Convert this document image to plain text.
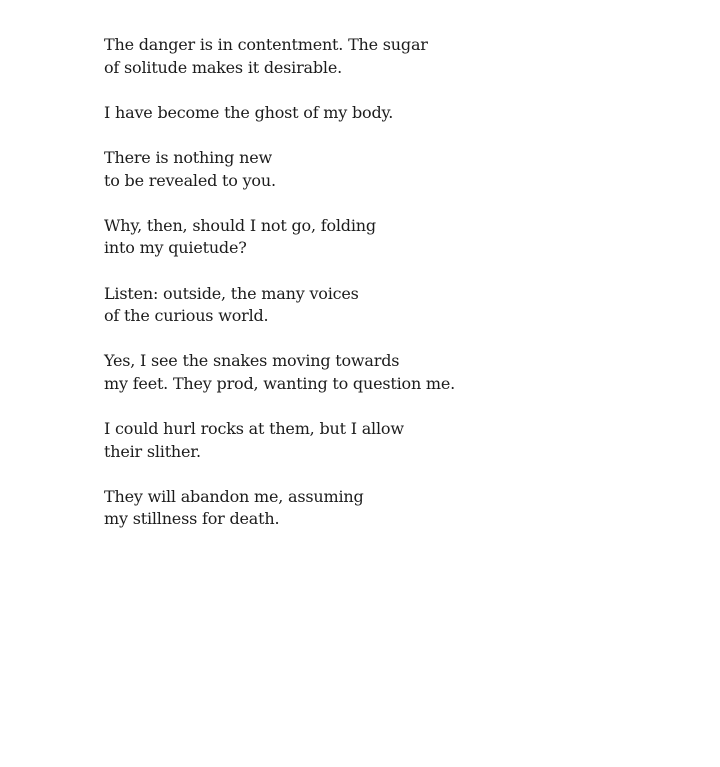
The danger is in contentment. The sugar
of solitude makes it desirable.
I have become the ghost of my body.
There is nothing new
to be revealed to you.
Why, then, should I not go, folding
into my quietude?
Listen: outside, the many voices
of the curious world.
Yes, I see the snakes moving towards
my feet. They prod, wanting to question me.
I could hurl rocks at them, but I allow
their slither.
They will abandon me, assuming
my stillness for death.
